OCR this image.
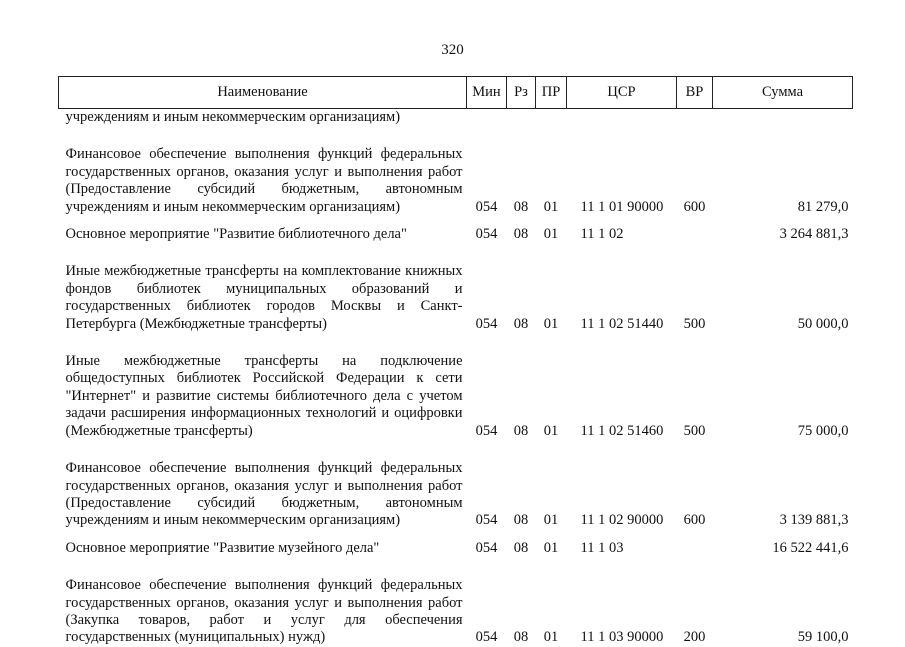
320
Наименование	Мин	Рз	ПР	ЦСР	ВР	Сумма
учреждениям и иным некоммерческим организациям)						

Финансовое обеспечение выполнения функций федеральных государственных органов, оказания услуг и выполнения работ (Предоставление субсидий бюджетным, автономным учреждениям и иным некоммерческим организациям)	054	08	01	11 1 01 90000	600	81 279,0

Основное мероприятие "Развитие библиотечного дела"	054	08	01	11 1 02		3 264 881,3

Иные межбюджетные трансферты на комплектование книжных фондов библиотек муниципальных образований и государственных библиотек городов Москвы и Санкт-Петербурга (Межбюджетные трансферты)	054	08	01	11 1 02 51440	500	50 000,0

Иные межбюджетные трансферты на подключение общедоступных библиотек Российской Федерации к сети "Интернет" и развитие системы библиотечного дела с учетом задачи расширения информационных технологий и оцифровки (Межбюджетные трансферты)	054	08	01	11 1 02 51460	500	75 000,0

Финансовое обеспечение выполнения функций федеральных государственных органов, оказания услуг и выполнения работ (Предоставление субсидий бюджетным, автономным учреждениям и иным некоммерческим организациям)	054	08	01	11 1 02 90000	600	3 139 881,3

Основное мероприятие "Развитие музейного дела"	054	08	01	11 1 03		16 522 441,6

Финансовое обеспечение выполнения функций федеральных государственных органов, оказания услуг и выполнения работ (Закупка товаров, работ и услуг для обеспечения государственных (муниципальных) нужд)	054	08	01	11 1 03 90000	200	59 100,0
